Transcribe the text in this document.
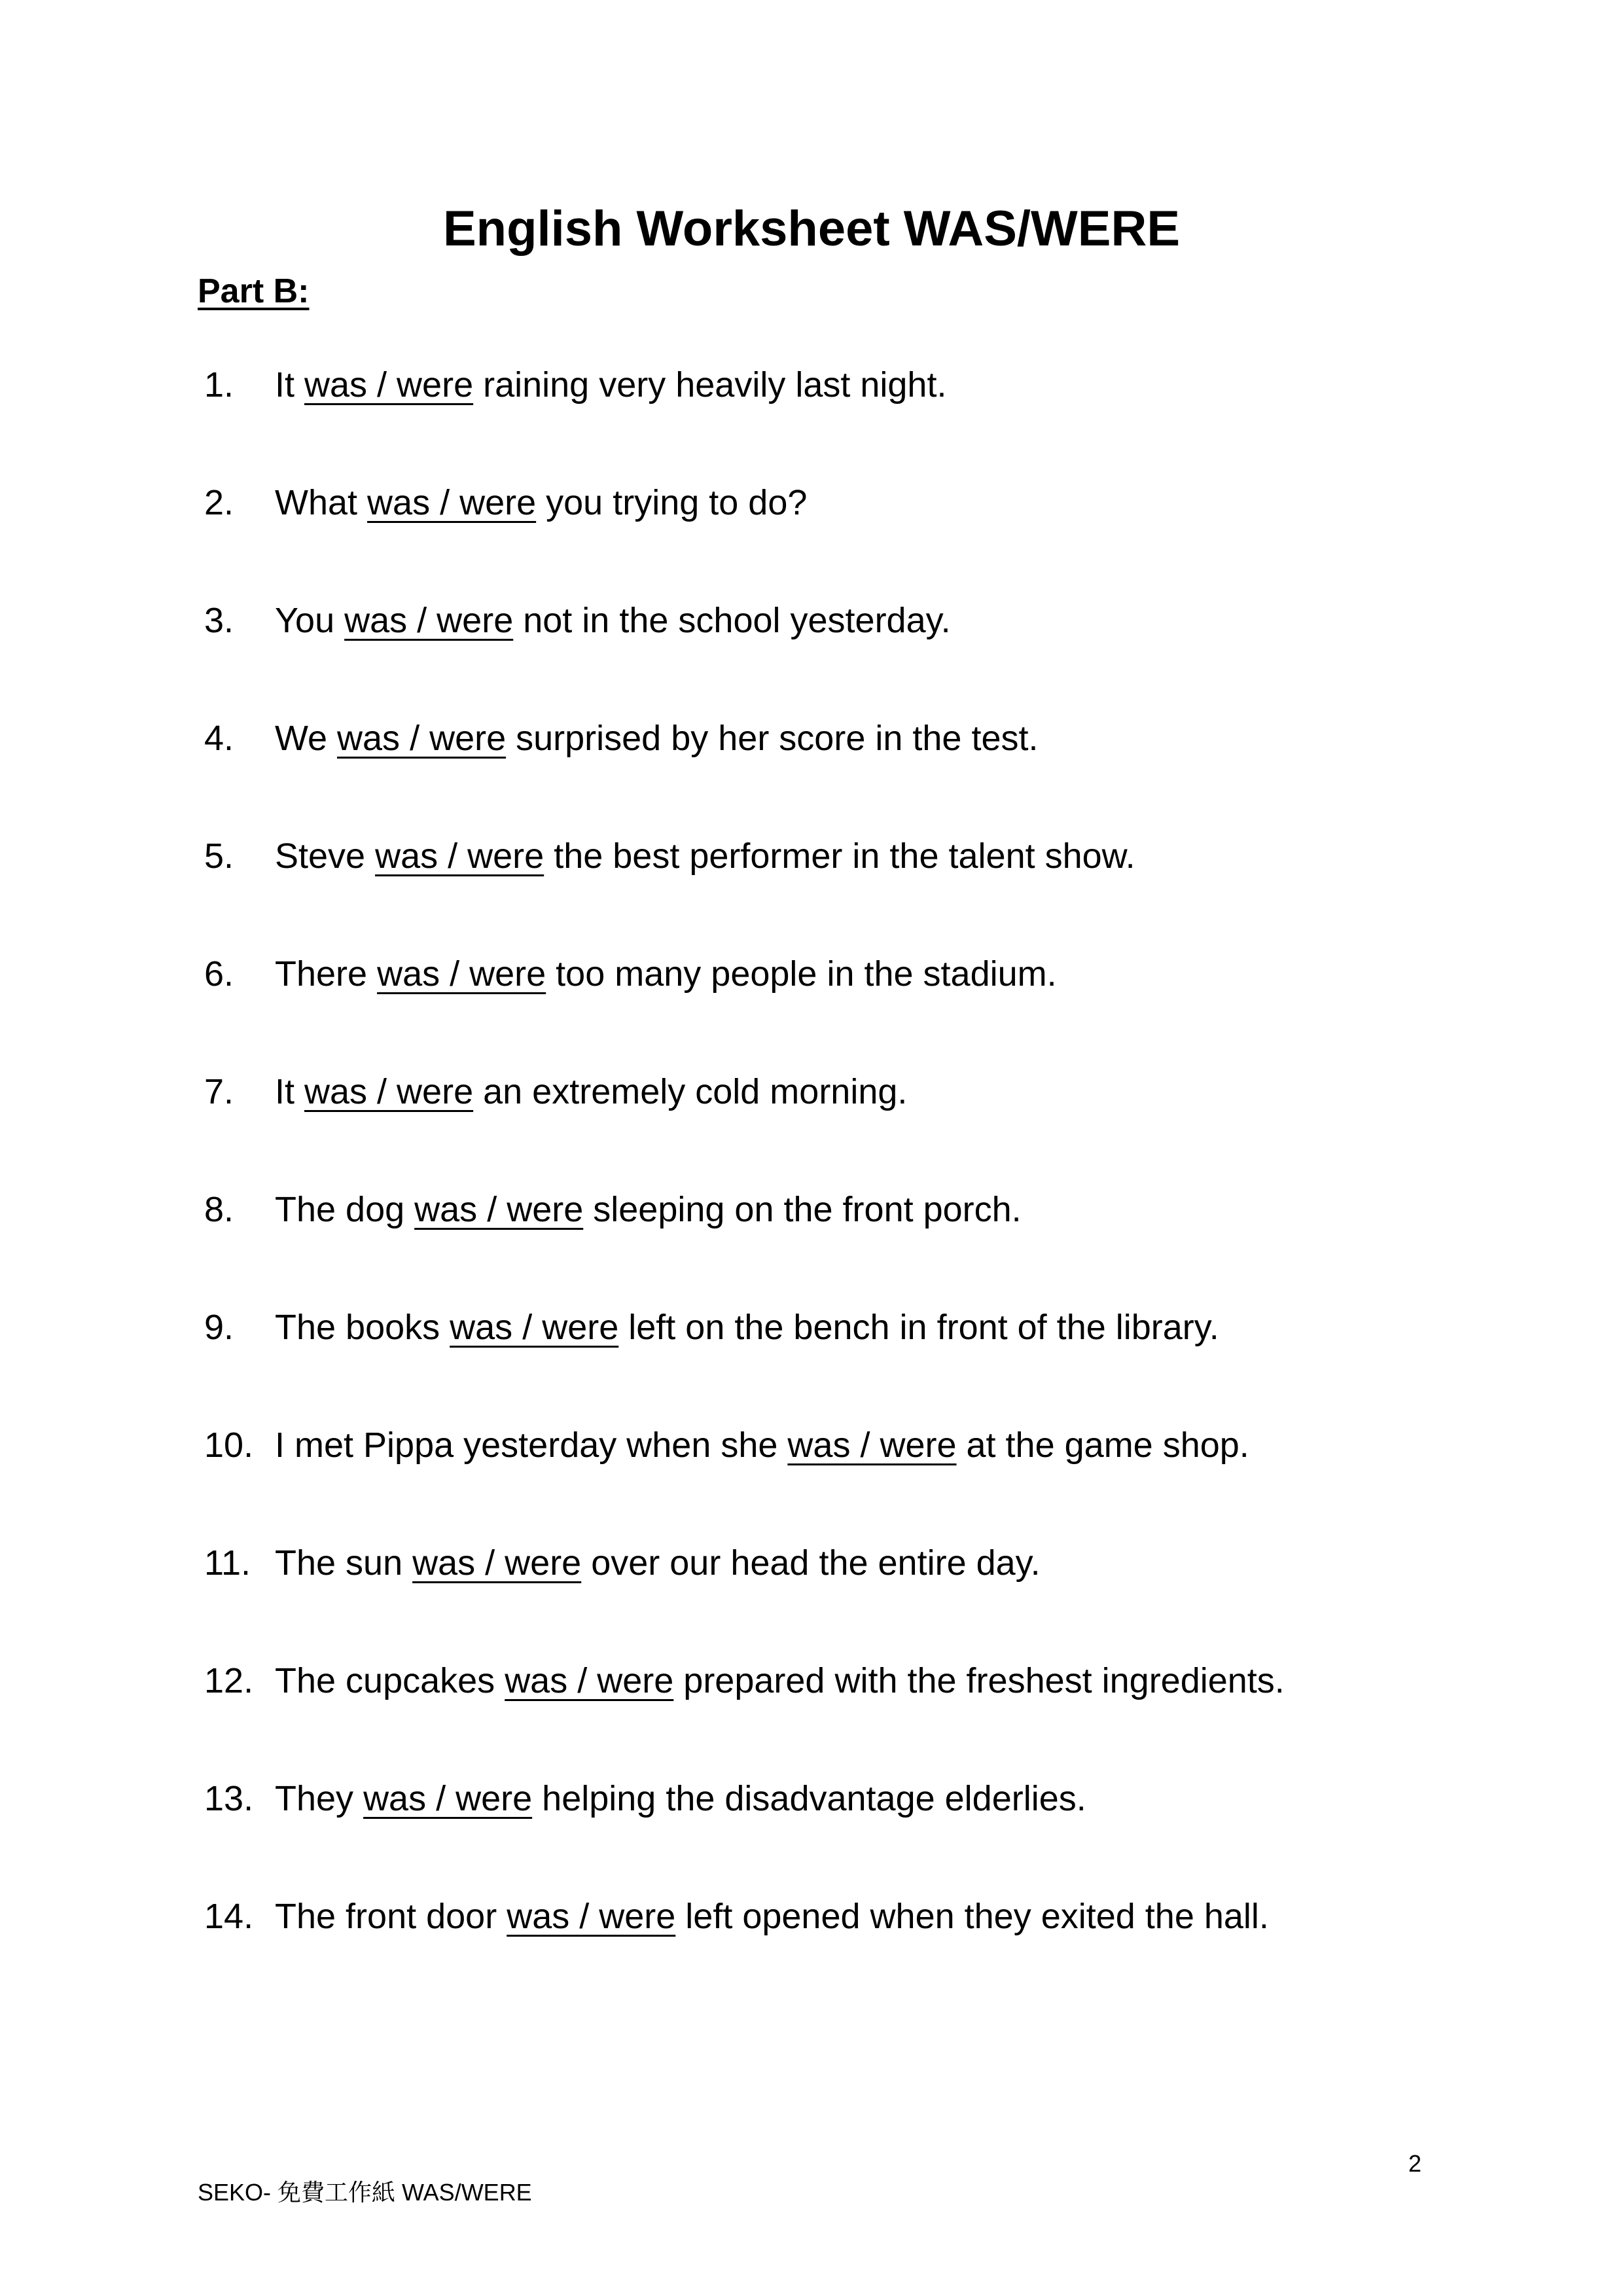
English Worksheet WAS/WERE
Part B:
1. It was / were raining very heavily last night.
2. What was / were you trying to do?
3. You was / were not in the school yesterday.
4. We was / were surprised by her score in the test.
5. Steve was / were the best performer in the talent show.
6. There was / were too many people in the stadium.
7. It was / were an extremely cold morning.
8. The dog was / were sleeping on the front porch.
9. The books was / were left on the bench in front of the library.
10. I met Pippa yesterday when she was / were at the game shop.
11. The sun was / were over our head the entire day.
12. The cupcakes was / were prepared with the freshest ingredients.
13. They was / were helping the disadvantage elderlies.
14. The front door was / were left opened when they exited the hall.
2
SEKO- 免費工作紙 WAS/WERE
